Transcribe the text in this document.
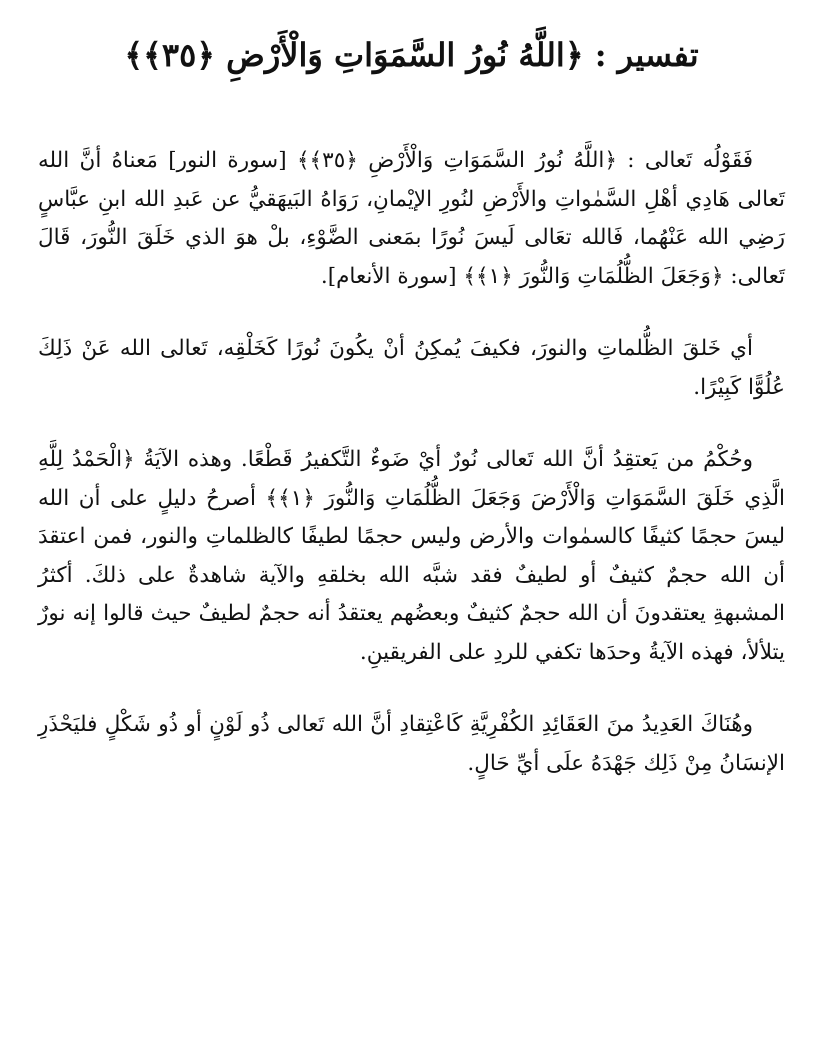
تفسير : ﴿اللَّهُ نُورُ السَّمَوَاتِ وَالْأَرْضِ ﴿٣٥﴾﴾

فَقَوْلُه تَعالى : ﴿اللَّهُ نُورُ السَّمَوَاتِ وَالْأَرْضِ ﴿٣٥﴾﴾ [سورة النور] مَعناهُ أنَّ الله تَعالى هَادِي أهْلِ السَّمٰواتِ والأَرْضِ لنُورِ الإيْمانِ، رَوَاهُ البَيهَقيُّ عن عَبدِ الله ابنِ عبَّاسٍ رَضِي الله عَنْهُما، فَالله تعَالى لَيسَ نُورًا بمَعنى الضَّوْءِ، بلْ هوَ الذي خَلَقَ النُّورَ، قَالَ تَعالى: ﴿وَجَعَلَ الظُّلُمَاتِ وَالنُّورَ ﴿١﴾﴾ [سورة الأنعام].

أي خَلقَ الظُّلماتِ والنورَ، فكيفَ يُمكِنُ أنْ يكُونَ نُورًا كَخَلْقِه، تَعالى الله عَنْ ذَلِكَ عُلُوًّا كَبِيْرًا.

وحُكْمُ من يَعتقِدُ أنَّ الله تَعالى نُورٌ أيْ ضَوءٌ التَّكفيرُ قَطْعًا. وهذه الآيَةُ ﴿الْحَمْدُ لِلَّهِ الَّذِي خَلَقَ السَّمَوَاتِ وَالْأَرْضَ وَجَعَلَ الظُّلُمَاتِ وَالنُّورَ ﴿١﴾﴾ أصرحُ دليلٍ على أن الله ليسَ حجمًا كثيفًا كالسمٰوات والأرض وليس حجمًا لطيفًا كالظلماتِ والنور، فمن اعتقدَ أن الله حجمٌ كثيفٌ أو لطيفٌ فقد شبَّه الله بخلقهِ والآية شاهدةٌ على ذلكَ. أكثرُ المشبهةِ يعتقدونَ أن الله حجمٌ كثيفٌ وبعضُهم يعتقدُ أنه حجمٌ لطيفٌ حيث قالوا إنه نورٌ يتلألأ، فهذه الآيةُ وحدَها تكفي للردِ على الفريقينِ.

وهُنَاكَ العَدِيدُ منَ العَقَائِدِ الكُفْرِيَّةِ كَاعْتِقادِ أنَّ الله تَعالى ذُو لَوْنٍ أو ذُو شَكْلٍ فليَحْذَرِ الإنسَانُ مِنْ ذَلِك جَهْدَهُ علَى أيِّ حَالٍ.
